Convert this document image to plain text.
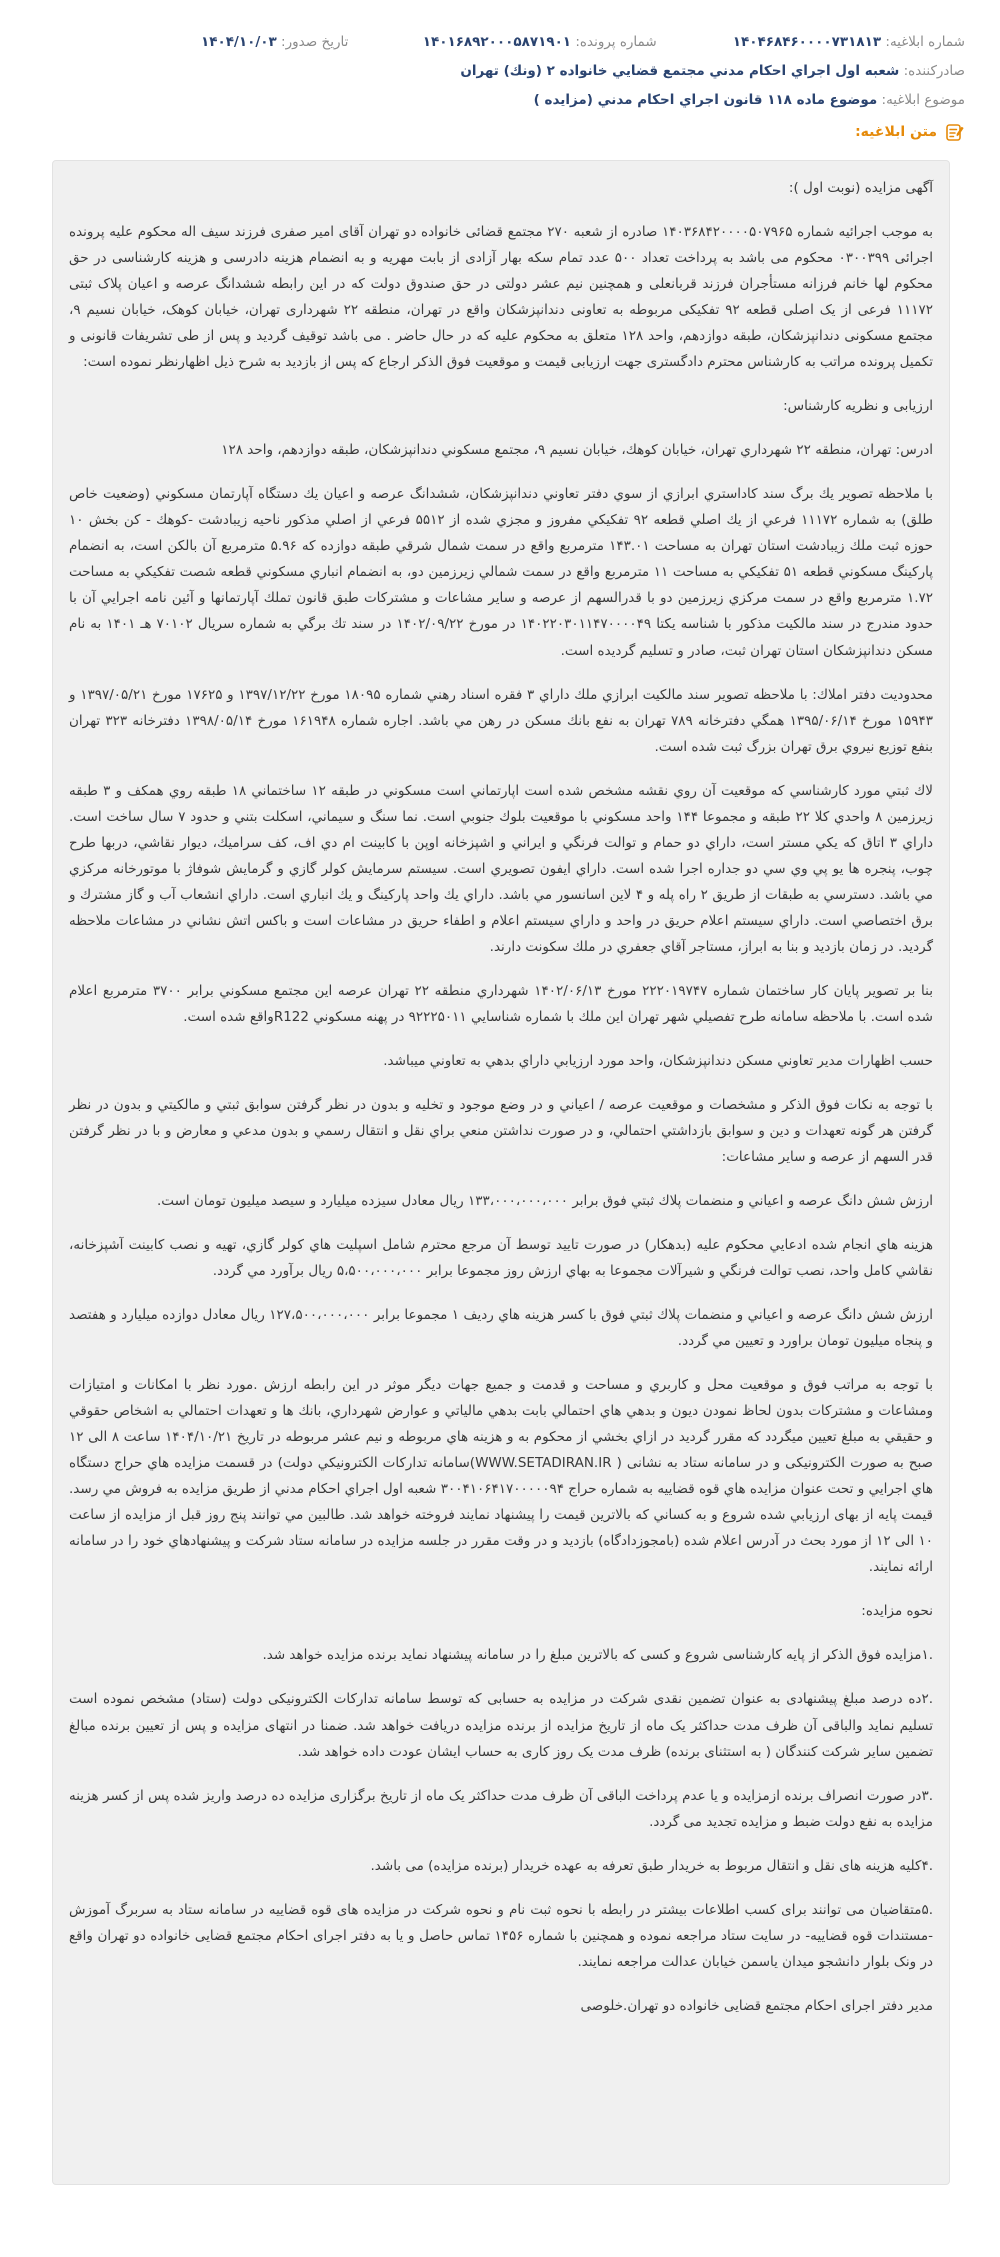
شماره ابلاغیه: ۱۴۰۴۶۸۴۶۰۰۰۰۷۳۱۸۱۳
شماره پرونده: ۱۴۰۱۶۸۹۲۰۰۰۵۸۷۱۹۰۱
تاریخ صدور: ۱۴۰۴/۱۰/۰۳
صادرکننده:

شعبه اول اجراي احكام مدني مجتمع قضايي خانواده ۲ (ونك) تهران
موضوع ابلاغیه:

موضوع ماده ۱۱۸ قانون اجراي احكام مدني (مزايده )
متن ابلاغیه:

آگهی مزایده (نوبت اول ):

به موجب اجرائیه شماره ۱۴۰۳۶۸۴۲۰۰۰۰۵۰۷۹۶۵ صادره از شعبه ۲۷۰ مجتمع قضائی خانواده دو تهران آقای امیر صفری فرزند سیف اله محکوم علیه پرونده اجرائی ۰۳۰۰۳۹۹ محکوم می باشد به پرداخت تعداد ۵۰۰ عدد تمام سکه بهار آزادی از بابت مهریه و به انضمام هزینه دادرسی و هزینه کارشناسی در حق محکوم لها خانم فرزانه مستأجران فرزند قربانعلی و همچنین نیم عشر دولتی در حق صندوق دولت که در این رابطه ششدانگ عرصه و اعیان پلاک ثبتی ۱۱۱۷۲ فرعی از یک اصلی قطعه ۹۲ تفکیکی مربوطه به تعاونی دندانپزشکان واقع در تهران، منطقه ۲۲ شهرداری تهران، خیابان کوهک، خیابان نسیم ۹، مجتمع مسکونی دندانپزشکان، طبقه دوازدهم، واحد ۱۲۸ متعلق به محکوم علیه که در حال حاضر . می باشد توقیف گردید و پس از طی تشریفات قانونی و تکمیل پرونده مراتب به کارشناس محترم دادگستری جهت ارزیابی قیمت و موقعیت فوق الذکر ارجاع که پس از بازدید به شرح ذیل اظهارنظر نموده است:

ارزیابی و نظریه کارشناس:

ادرس: تهران، منطقه ۲۲ شهرداري تهران، خيابان كوهك، خيابان نسيم ۹، مجتمع مسكوني دندانپزشكان، طبقه دوازدهم، واحد ۱۲۸

با ملاحظه تصوير يك برگ سند كاداستري ابرازي از سوي دفتر تعاوني دندانپزشكان، ششدانگ عرصه و اعيان يك دستگاه آپارتمان مسكوني (وضعيت خاص طلق) به شماره ۱۱۱۷۲ فرعي از يك اصلي قطعه ۹۲ تفكيكي مفروز و مجزي شده از ۵۵۱۲ فرعي از اصلي مذكور ناحيه زيبادشت -كوهك - كن بخش ۱۰ حوزه ثبت ملك زيبادشت استان تهران به مساحت ۱۴۳.۰۱ مترمربع واقع در سمت شمال شرقي طبقه دوازده كه ۵.۹۶ مترمربع آن بالكن است، به انضمام پاركينگ مسكوني قطعه ۵۱ تفكيكي به مساحت ۱۱ مترمربع واقع در سمت شمالي زيرزمين دو، به انضمام انباري مسكوني قطعه شصت تفكيكي به مساحت ۱.۷۲ مترمربع واقع در سمت مركزي زيرزمين دو با قدرالسهم از عرصه و ساير مشاعات و مشتركات طبق قانون تملك آپارتمانها و آئين نامه اجرايي آن با حدود مندرج در سند مالكيت مذكور با شناسه يكتا ۱۴۰۲۲۰۳۰۱۱۴۷۰۰۰۰۴۹ در مورخ ۱۴۰۲/۰۹/۲۲ در سند تك برگي به شماره سريال ۷۰۱۰۲ هـ ۱۴۰۱ به نام مسكن دندانپزشكان استان تهران ثبت، صادر و تسليم گرديده است.

محدوديت دفتر املاك: با ملاحظه تصوير سند مالكيت ابرازي ملك داراي ۳ فقره اسناد رهني شماره ۱۸۰۹۵ مورخ ۱۳۹۷/۱۲/۲۲ و ۱۷۶۲۵ مورخ ۱۳۹۷/۰۵/۲۱ و ۱۵۹۴۳ مورخ ۱۳۹۵/۰۶/۱۴ همگي دفترخانه ۷۸۹ تهران به نفع بانك مسكن در رهن مي باشد. اجاره شماره ۱۶۱۹۴۸ مورخ ۱۳۹۸/۰۵/۱۴ دفترخانه ۳۲۳ تهران بنفع توزيع نيروي برق تهران بزرگ ثبت شده است.

لاك ثبتي مورد كارشناسي كه موقعيت آن روي نقشه مشخص شده است اپارتماني است مسكوني در طبقه ۱۲ ساختماني ۱۸ طبقه روي همكف و ۳ طبقه زيرزمين ۸ واحدي كلا ۲۲ طبقه و مجموعا ۱۴۴ واحد مسكوني با موقعيت بلوك جنوبي است. نما سنگ و سيماني، اسكلت بتني و حدود ۷ سال ساخت است. داراي ۳ اتاق كه يكي مستر است، داراي دو حمام و توالت فرنگي و ايراني و اشپزخانه اوپن با كابينت ام دي اف، كف سراميك، ديوار نقاشي، دربها طرح چوب، پنجره ها يو پي وي سي دو جداره اجرا شده است. داراي ايفون تصويري است. سيستم سرمايش كولر گازي و گرمايش شوفاژ با موتورخانه مركزي مي باشد. دسترسي به طبقات از طريق ۲ راه پله و ۴ لاين اسانسور مي باشد. داراي يك واحد پاركينگ و يك انباري است. داراي انشعاب آب و گاز مشترك و برق اختصاصي است. داراي سيستم اعلام حريق در واحد و داراي سيستم اعلام و اطفاء حريق در مشاعات است و باكس اتش نشاني در مشاعات ملاحظه گرديد. در زمان بازديد و بنا به ابراز، مستاجر آقاي جعفري در ملك سكونت دارند.

بنا بر تصوير پايان كار ساختمان شماره ۲۲۲۰۱۹۷۴۷ مورخ ۱۴۰۲/۰۶/۱۳ شهرداري منطقه ۲۲ تهران عرصه اين مجتمع مسكوني برابر ۳۷۰۰ مترمربع اعلام شده است. با ملاحظه سامانه طرح تفصيلي شهر تهران اين ملك با شماره شناسايي ۹۲۲۲۵۰۱۱ در پهنه مسكوني R122واقع شده است.

حسب اظهارات مدير تعاوني مسكن دندانپزشكان، واحد مورد ارزيابي داراي بدهي به تعاوني ميباشد.

با توجه به نكات فوق الذكر و مشخصات و موقعيت عرصه / اعياني و در وضع موجود و تخليه و بدون در نظر گرفتن سوابق ثبتي و مالكيتي و بدون در نظر گرفتن هر گونه تعهدات و دين و سوابق بازداشتي احتمالي، و در صورت نداشتن منعي براي نقل و انتقال رسمي و بدون مدعي و معارض و با در نظر گرفتن قدر السهم از عرصه و ساير مشاعات:

ارزش شش دانگ عرصه و اعياني و منضمات پلاك ثبتي فوق برابر ۱۳۳،۰۰۰،۰۰۰،۰۰۰ ريال معادل سيزده ميليارد و سيصد ميليون تومان است.

هزينه هاي انجام شده ادعايي محكوم عليه (بدهكار) در صورت تاييد توسط آن مرجع محترم شامل اسپليت هاي كولر گازي، تهيه و نصب كابينت آشپزخانه، نقاشي كامل واحد، نصب توالت فرنگي و شيرآلات مجموعا به بهاي ارزش روز مجموعا برابر ۵،۵۰۰،۰۰۰،۰۰۰ ريال برآورد مي گردد.

ارزش شش دانگ عرصه و اعياني و منضمات پلاك ثبتي فوق با كسر هزينه هاي رديف ۱ مجموعا برابر ۱۲۷،۵۰۰،۰۰۰،۰۰۰ ريال معادل دوازده ميليارد و هفتصد و پنجاه ميليون تومان براورد و تعيين مي گردد.

با توجه به مراتب فوق و موقعيت محل و كاربري و مساحت و قدمت و جميع جهات ديگر موثر در اين رابطه ارزش .مورد نظر با امكانات و امتيازات ومشاعات و مشتركات بدون لحاظ نمودن ديون و بدهي هاي احتمالي بابت بدهي مالياتي و عوارض شهرداري، بانك ها و تعهدات احتمالي به اشخاص حقوقي و حقيقي به مبلغ تعيين ميگردد كه مقرر گرديد در ازاي بخشي از محكوم به و هزينه هاي مربوطه و نيم عشر مربوطه در تاريخ ۱۴۰۴/۱۰/۲۱ ساعت ۸ الی ۱۲ صبح به صورت الكترونیكی و در سامانه ستاد به نشانی ( WWW.SETADIRAN.IR)سامانه تداركات الكترونيكي دولت) در قسمت مزايده هاي حراج دستگاه هاي اجرايي و تحت عنوان مزايده هاي قوه قضاييه به شماره حراج ۳۰۰۴۱۰۶۴۱۷۰۰۰۰۰۹۴ شعبه اول اجراي احكام مدني از طريق مزايده به فروش مي رسد. قيمت پايه از بهای ارزيابي شده شروع و به كساني كه بالاترين قيمت را پيشنهاد نمايند فروخته خواهد شد. طالبين مي توانند پنج روز قبل از مزايده از ساعت ۱۰ الی ۱۲ از مورد بحث در آدرس اعلام شده (بامجوزدادگاه) بازديد و در وقت مقرر در جلسه مزايده در سامانه ستاد شركت و پيشنهادهاي خود را در سامانه ارائه نمايند.

نحوه مزایده:

.۱مزایده فوق الذکر از پایه کارشناسی شروع و کسی که بالاترین مبلغ را در سامانه پیشنهاد نماید برنده مزایده خواهد شد.

.۲ده درصد مبلغ پیشنهادی به عنوان تضمین نقدی شرکت در مزایده به حسابی که توسط سامانه تدارکات الکترونیکی دولت (ستاد) مشخص نموده است تسلیم نماید والباقی آن ظرف مدت حداکثر یک ماه از تاریخ مزایده از برنده مزایده دریافت خواهد شد. ضمنا در انتهای مزایده و پس از تعیین برنده مبالغ تضمین سایر شرکت کنندگان ( به استثنای برنده) ظرف مدت یک روز کاری به حساب ایشان عودت داده خواهد شد.

.۳در صورت انصراف برنده ازمزایده و یا عدم پرداخت الباقی آن ظرف مدت حداکثر یک ماه از تاریخ برگزاری مزایده ده درصد واریز شده پس از کسر هزینه مزایده به نفع دولت ضبط و مزایده تجدید می گردد.

.۴کلیه هزینه های نقل و انتقال مربوط به خریدار طبق تعرفه به عهده خریدار (برنده مزایده) می باشد.

.۵متقاضیان می توانند برای کسب اطلاعات بیشتر در رابطه با نحوه ثبت نام و نحوه شرکت در مزایده های قوه قضاییه در سامانه ستاد به سربرگ آموزش -مستندات قوه قضاییه- در سایت ستاد مراجعه نموده و همچنین با شماره ۱۴۵۶ تماس حاصل و یا به دفتر اجرای احکام مجتمع قضایی خانواده دو تهران واقع در ونک بلوار دانشجو میدان یاسمن خیابان عدالت مراجعه نمایند.

مدیر دفتر اجرای احکام مجتمع قضایی خانواده دو تهران.خلوصی
